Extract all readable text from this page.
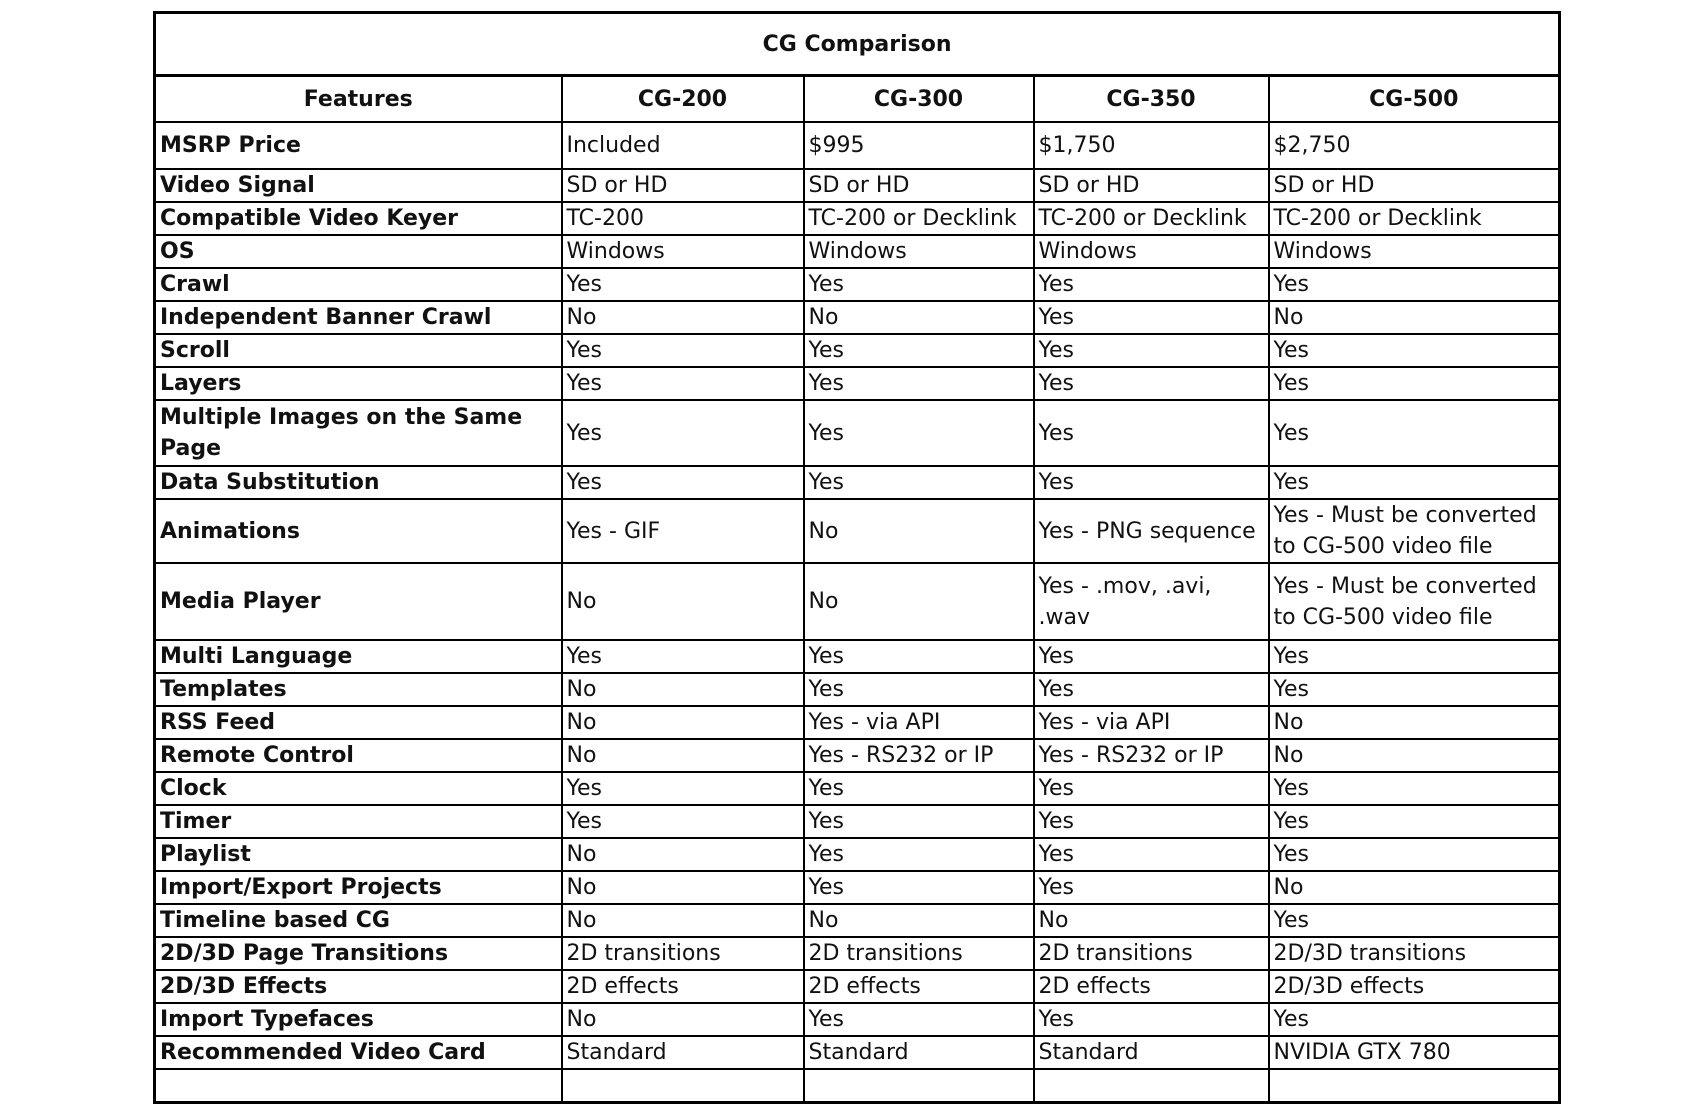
CG Comparison				
Features	CG-200	CG-300	CG-350	CG-500
MSRP Price	Included	$995	$1,750	$2,750
Video Signal	SD or HD	SD or HD	SD or HD	SD or HD
Compatible Video Keyer	TC-200	TC-200 or Decklink	TC-200 or Decklink	TC-200 or Decklink
OS	Windows	Windows	Windows	Windows
Crawl	Yes	Yes	Yes	Yes
Independent Banner Crawl	No	No	Yes	No
Scroll	Yes	Yes	Yes	Yes
Layers	Yes	Yes	Yes	Yes
Multiple Images on the Same Page	Yes	Yes	Yes	Yes
Data Substitution	Yes	Yes	Yes	Yes
Animations	Yes - GIF	No	Yes - PNG sequence	Yes - Must be converted to CG-500 video file
Media Player	No	No	Yes - .mov, .avi, .wav	Yes - Must be converted to CG-500 video file
Multi Language	Yes	Yes	Yes	Yes
Templates	No	Yes	Yes	Yes
RSS Feed	No	Yes - via API	Yes - via API	No
Remote Control	No	Yes - RS232 or IP	Yes - RS232 or IP	No
Clock	Yes	Yes	Yes	Yes
Timer	Yes	Yes	Yes	Yes
Playlist	No	Yes	Yes	Yes
Import/Export Projects	No	Yes	Yes	No
Timeline based CG	No	No	No	Yes
2D/3D Page Transitions	2D transitions	2D transitions	2D transitions	2D/3D transitions
2D/3D Effects	2D effects	2D effects	2D effects	2D/3D effects
Import Typefaces	No	Yes	Yes	Yes
Recommended Video Card	Standard	Standard	Standard	NVIDIA GTX 780
